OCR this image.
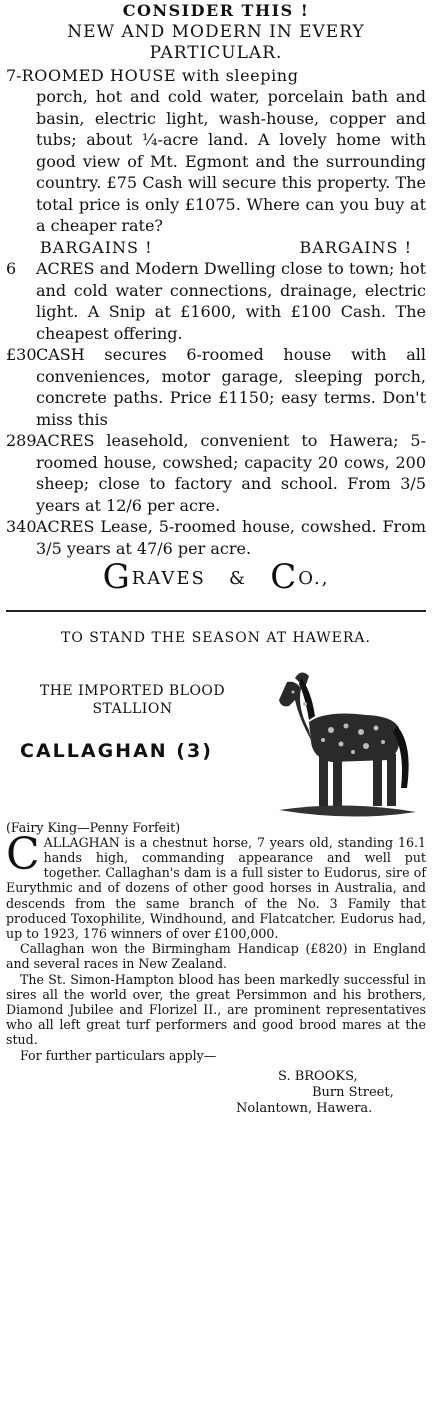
CONSIDER THIS !
NEW AND MODERN IN EVERY
PARTICULAR.
7-ROOMED HOUSE with sleeping
porch, hot and cold water, porcelain bath and basin, electric light, wash-house, copper and tubs; about ¼-acre land. A lovely home with good view of Mt. Egmont and the surrounding country. £75 Cash will secure this property. The total price is only £1075. Where can you buy at a cheaper rate?
BARGAINS !	BARGAINS !
6 ACRES and Modern Dwelling close to town; hot and cold water connections, drainage, electric light. A Snip at £1600, with £100 Cash. The cheapest offering.
£30 CASH secures 6-roomed house with all conveniences, motor garage, sleeping porch, concrete paths. Price £1150; easy terms. Don't miss this
289 ACRES leasehold, convenient to Hawera; 5-roomed house, cowshed; capacity 20 cows, 200 sheep; close to factory and school. From 3/5 years at 12/6 per acre.
340 ACRES Lease, 5-roomed house, cowshed. From 3/5 years at 47/6 per acre.
GRAVES & CO.,
TO STAND THE SEASON AT HAWERA.
THE IMPORTED BLOOD
STALLION
CALLAGHAN (3)
(Fairy King—Penny Forfeit)
CALLAGHAN is a chestnut horse, 7 years old, standing 16.1 hands high, commanding appearance and well put together. Callaghan's dam is a full sister to Eudorus, sire of Eurythmic and of dozens of other good horses in Australia, and descends from the same branch of the No. 3 Family that produced Toxophilite, Windhound, and Flatcatcher. Eudorus had, up to 1923, 176 winners of over £100,000.

Callaghan won the Birmingham Handicap (£820) in England and several races in New Zealand.

The St. Simon-Hampton blood has been markedly successful in sires all the world over, the great Persimmon and his brothers, Diamond Jubilee and Florizel II., are prominent representatives who all left great turf performers and good brood mares at the stud.

For further particulars apply—

S. BROOKS,
Burn Street,
Nolantown, Hawera.
